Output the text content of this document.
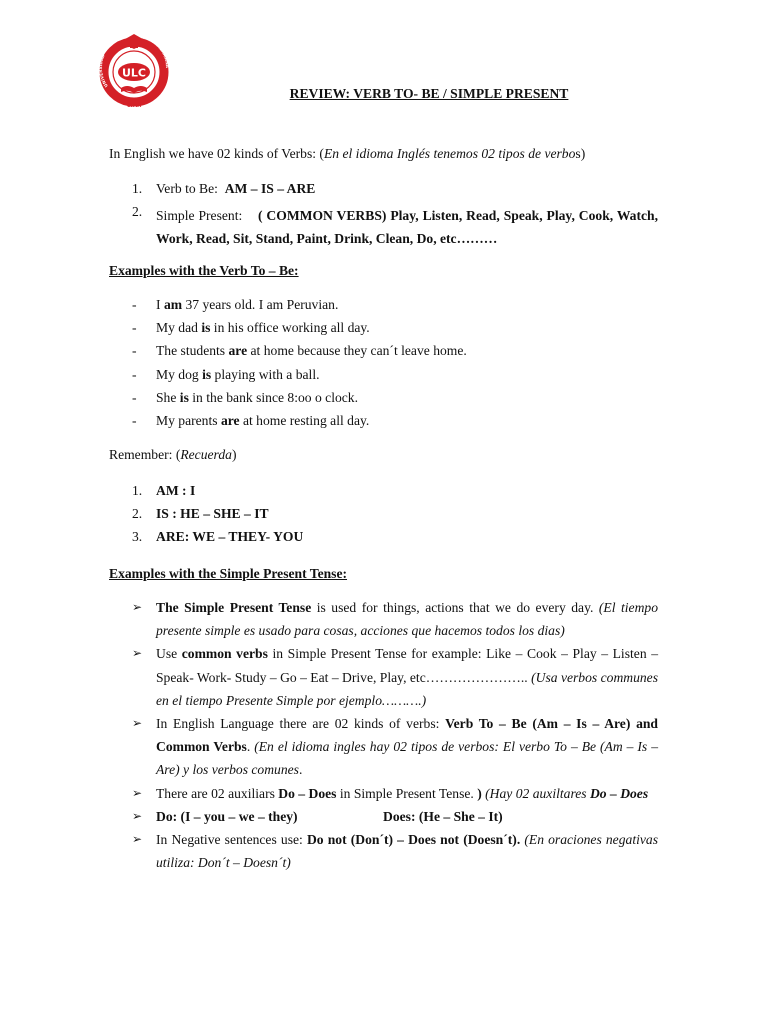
UNIVERSIDAD
LATINOAMERICANA
CIMA
ULC
REVIEW: VERB TO- BE / SIMPLE PRESENT
In English we have 02 kinds of Verbs: (En el idioma Inglés tenemos 02 tipos de verbos)
1. Verb to Be: AM – IS – ARE
2. Simple Present: ( COMMON VERBS) Play, Listen, Read, Speak, Play, Cook, Watch, Work, Read, Sit, Stand, Paint, Drink, Clean, Do, etc………
Examples with the Verb To – Be:
- I am 37 years old. I am Peruvian.
- My dad is in his office working all day.
- The students are at home because they can´t leave home.
- My dog is playing with a ball.
- She is in the bank since 8:oo o clock.
- My parents are at home resting all day.
Remember: (Recuerda)
1. AM : I
2. IS : HE – SHE – IT
3. ARE: WE – THEY- YOU
Examples with the Simple Present Tense:
➢ The Simple Present Tense is used for things, actions that we do every day. (El tiempo presente simple es usado para cosas, acciones que hacemos todos los dias)
➢ Use common verbs in Simple Present Tense for example: Like – Cook – Play – Listen – Speak- Work- Study – Go – Eat – Drive, Play, etc………………….. (Usa verbos communes en el tiempo Presente Simple por ejemplo……….)
➢ In English Language there are 02 kinds of verbs: Verb To – Be (Am – Is – Are) and Common Verbs. (En el idioma ingles hay 02 tipos de verbos: El verbo To – Be (Am – Is – Are) y los verbos comunes.
➢ There are 02 auxiliars Do – Does in Simple Present Tense. ) (Hay 02 auxiltares Do – Does
➢ Do: (I – you – we – they)	Does: (He – She – It)
➢ In Negative sentences use: Do not (Don´t) – Does not (Doesn´t). (En oraciones negativas utiliza: Don´t – Doesn´t)
